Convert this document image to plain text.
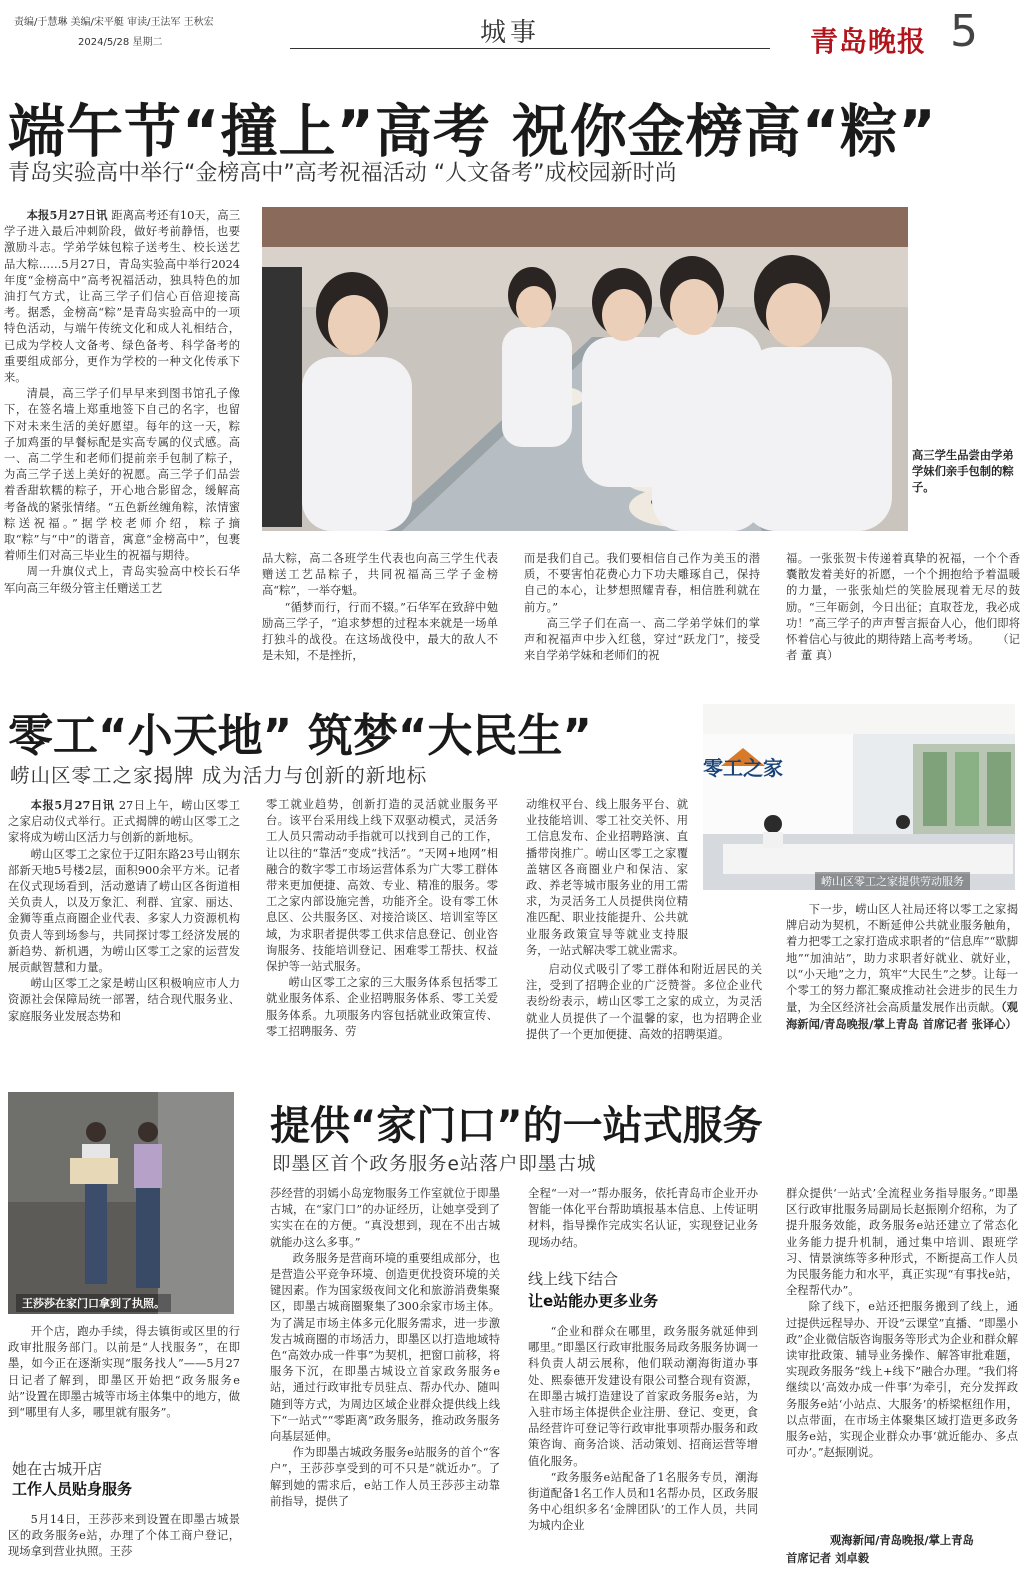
责编/于慧琳 美编/宋平艇 审读/王法军 王秋宏
2024/5/28 星期二	城事	青岛晚报 5
端午节“撞上”高考 祝你金榜高“粽”
青岛实验高中举行“金榜高中”高考祝福活动 “人文备考”成校园新时尚

本报5月27日讯 距离高考还有10天，高三学子进入最后冲刺阶段，做好考前静悟，也要激励斗志。学弟学妹包粽子送考生、校长送艺品大粽……5月27日，青岛实验高中举行2024年度“金榜高中”高考祝福活动，独具特色的加油打气方式，让高三学子们信心百倍迎接高考。据悉，金榜高“粽”是青岛实验高中的一项特色活动，与端午传统文化和成人礼相结合，已成为学校人文备考、绿色备考、科学备考的重要组成部分，更作为学校的一种文化传承下来。

清晨，高三学子们早早来到图书馆孔子像下，在签名墙上郑重地签下自己的名字，也留下对未来生活的美好愿望。每年的这一天，粽子加鸡蛋的早餐标配是实高专属的仪式感。高一、高二学生和老师们提前亲手包制了粽子，为高三学子送上美好的祝愿。高三学子们品尝着香甜软糯的粽子，开心地合影留念，缓解高考备战的紧张情绪。“五色新丝缠角粽，浓情蜜粽送祝福。”据学校老师介绍，粽子摘取“粽”与“中”的谐音，寓意“金榜高中”，包裹着师生们对高三毕业生的祝福与期待。

周一升旗仪式上，青岛实验高中校长石华军向高三年级分管主任赠送工艺

高三学生品尝由学弟学妹们亲手包制的粽子。

品大粽，高二各班学生代表也向高三学生代表赠送工艺品粽子，共同祝福高三学子金榜高“粽”，一举夺魁。

“循梦而行，行而不辍。”石华军在致辞中勉励高三学子，“追求梦想的过程本来就是一场单打独斗的战役。在这场战役中，最大的敌人不是未知，不是挫折，

而是我们自己。我们要相信自己作为美玉的潜质，不要害怕花费心力下功夫雕琢自己，保持自己的本心，让梦想照耀青春，相信胜利就在前方。”

高三学子们在高一、高二学弟学妹们的掌声和祝福声中步入红毯，穿过“跃龙门”，接受来自学弟学妹和老师们的祝

福。一张张贺卡传递着真挚的祝福，一个个香囊散发着美好的祈愿，一个个拥抱给予着温暖的力量，一张张灿烂的笑脸展现着无尽的鼓励。“三年砺剑，今日出征；直取苍龙，我必成功！”高三学子的声声誓言振奋人心，他们即将怀着信心与彼此的期待踏上高考考场。 （记者 董 真）

零工“小天地” 筑梦“大民生”
崂山区零工之家揭牌 成为活力与创新的新地标	零工之家
崂山区零工之家提供劳动服务

本报5月27日讯 27日上午，崂山区零工之家启动仪式举行。正式揭牌的崂山区零工之家将成为崂山区活力与创新的新地标。

崂山区零工之家位于辽阳东路23号山钢东部新天地5号楼2层，面积900余平方米。记者在仪式现场看到，活动邀请了崂山区各街道相关负责人，以及万象汇、利群、宜家、丽达、金狮等重点商圈企业代表、多家人力资源机构负责人等到场参与，共同探讨零工经济发展的新趋势、新机遇，为崂山区零工之家的运营发展贡献智慧和力量。

崂山区零工之家是崂山区积极响应市人力资源社会保障局统一部署，结合现代服务业、家庭服务业发展态势和

零工就业趋势，创新打造的灵活就业服务平台。该平台采用线上线下双驱动模式，灵活务工人员只需动动手指就可以找到自己的工作，让以往的“靠活”变成“找活”。“天网+地网”相融合的数字零工市场运营体系为广大零工群体带来更加便捷、高效、专业、精准的服务。零工之家内部设施完善，功能齐全。设有零工休息区、公共服务区、对接洽谈区、培训室等区域，为求职者提供零工供求信息登记、创业咨询服务、技能培训登记、困难零工帮扶、权益保护等一站式服务。

崂山区零工之家的三大服务体系包括零工就业服务体系、企业招聘服务体系、零工关爱服务体系。九项服务内容包括就业政策宣传、零工招聘服务、劳

动维权平台、线上服务平台、就业技能培训、零工社交关怀、用工信息发布、企业招聘路演、直播带岗推广。崂山区零工之家覆盖辖区各商圈业户和保洁、家政、养老等城市服务业的用工需求，为灵活务工人员提供岗位精准匹配、职业技能提升、公共就业服务政策宣导等就业支持服务，一站式解决零工就业需求。

启动仪式吸引了零工群体和附近居民的关注，受到了招聘企业的广泛赞誉。多位企业代表纷纷表示，崂山区零工之家的成立，为灵活就业人员提供了一个温馨的家，也为招聘企业提供了一个更加便捷、高效的招聘渠道。

下一步，崂山区人社局还将以零工之家揭牌启动为契机，不断延伸公共就业服务触角，着力把零工之家打造成求职者的“信息库”“歇脚地”“加油站”，助力求职者好就业、就好业，以“小天地”之力，筑牢“大民生”之梦。让每一个零工的努力都汇聚成推动社会进步的民生力量，为全区经济社会高质量发展作出贡献。（观海新闻/青岛晚报/掌上青岛 首席记者 张译心）

王莎莎在家门口拿到了执照。

开个店，跑办手续，得去镇街或区里的行政审批服务部门。以前是“人找服务”，在即墨，如今正在逐渐实现“服务找人”——5月27日记者了解到，即墨区开始把“政务服务e站”设置在即墨古城等市场主体集中的地方，做到“哪里有人多，哪里就有服务”。

她在古城开店
工作人员贴身服务

5月14日，王莎莎来到设置在即墨古城景区的政务服务e站，办理了个体工商户登记，现场拿到营业执照。王莎

提供“家门口”的一站式服务
即墨区首个政务服务e站落户即墨古城

莎经营的羽嫣小岛宠物服务工作室就位于即墨古城，在“家门口”的办证经历，让她享受到了实实在在的方便。“真没想到，现在不出古城就能办这么多事。”

政务服务是营商环境的重要组成部分，也是营造公平竞争环境、创造更优投资环境的关键因素。作为国家级夜间文化和旅游消费集聚区，即墨古城商圈聚集了300余家市场主体。为了满足市场主体多元化服务需求，进一步激发古城商圈的市场活力，即墨区以打造地域特色“高效办成一件事”为契机，把窗口前移，将服务下沉，在即墨古城设立首家政务服务e站，通过行政审批专员驻点、帮办代办、随叫随到等方式，为周边区域企业群众提供线上线下“一站式”“零距离”政务服务，推动政务服务向基层延伸。

作为即墨古城政务服务e站服务的首个“客户”，王莎莎享受到的可不只是“就近办”。了解到她的需求后，e站工作人员王莎莎主动靠前指导，提供了

全程“一对一”帮办服务，依托青岛市企业开办智能一体化平台帮助填报基本信息、上传证明材料，指导操作完成实名认证，实现登记业务现场办结。

线上线下结合
让e站能办更多业务

“企业和群众在哪里，政务服务就延伸到哪里。”即墨区行政审批服务局政务服务协调一科负责人胡云展称，他们联动潮海街道办事处、熙泰德开发建设有限公司整合现有资源，在即墨古城打造建设了首家政务服务e站，为入驻市场主体提供企业注册、登记、变更，食品经营许可登记等行政审批事项帮办服务和政策咨询、商务洽谈、活动策划、招商运营等增值化服务。

“政务服务e站配备了1名服务专员，潮海街道配备1名工作人员和1名帮办员，区政务服务中心组织多名‘金牌团队’的工作人员，共同为城内企业

群众提供‘一站式’全流程业务指导服务。”即墨区行政审批服务局副局长赵振刚介绍称，为了提升服务效能，政务服务e站还建立了常态化业务能力提升机制，通过集中培训、跟班学习、情景演练等多种形式，不断提高工作人员为民服务能力和水平，真正实现“有事找e站，全程帮代办”。

除了线下，e站还把服务搬到了线上，通过提供远程导办、开设“云课堂”直播、“即墨小政”企业微信版咨询服务等形式为企业和群众解读审批政策、辅导业务操作、解答审批难题，实现政务服务“线上+线下”融合办理。“我们将继续以‘高效办成一件事’为牵引，充分发挥政务服务e站‘小站点、大服务’的桥梁枢纽作用，以点带面，在市场主体聚集区域打造更多政务服务e站，实现企业群众办事‘就近能办、多点可办’。”赵振刚说。

观海新闻/青岛晚报/掌上青岛
首席记者 刘卓毅
